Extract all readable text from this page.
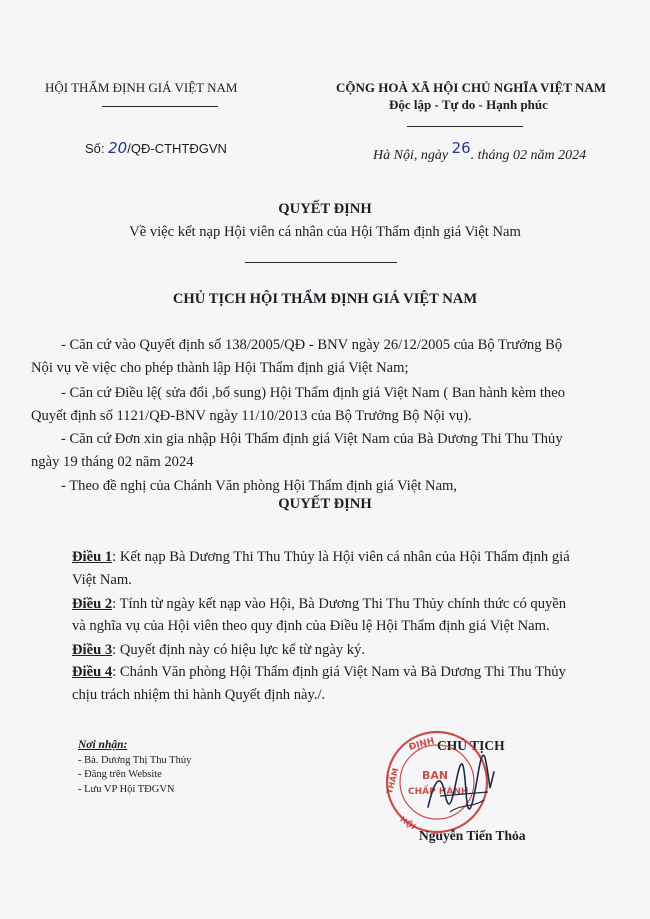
HỘI THẨM ĐỊNH GIÁ VIỆT NAM	CỘNG HOÀ XÃ HỘI CHỦ NGHĨA VIỆT NAM
Độc lập - Tự do - Hạnh phúc
Số: 20/QĐ-CTHTĐGVN	Hà Nội, ngày 26. tháng 02 năm 2024
QUYẾT ĐỊNH
Về việc kết nạp Hội viên cá nhân của Hội Thẩm định giá Việt Nam
CHỦ TỊCH HỘI THẨM ĐỊNH GIÁ VIỆT NAM
- Căn cứ vào Quyết định số 138/2005/QĐ - BNV ngày 26/12/2005 của Bộ Trưởng Bộ
Nội vụ về việc cho phép thành lập Hội Thẩm định giá Việt Nam;
- Căn cứ Điều lệ( sửa đổi ,bổ sung) Hội Thẩm định giá Việt Nam ( Ban hành kèm theo
Quyết định số 1121/QĐ-BNV ngày 11/10/2013 của Bộ Trưởng Bộ Nội vụ).
- Căn cứ Đơn xin gia nhập Hội Thẩm định giá Việt Nam của Bà Dương Thi Thu Thủy
ngày 19 tháng 02 năm 2024
- Theo đề nghị của Chánh Văn phòng Hội Thẩm định giá Việt Nam,
QUYẾT ĐỊNH
Điều 1: Kết nạp Bà Dương Thi Thu Thủy là Hội viên cá nhân của Hội Thẩm định giá
Việt Nam.
Điều 2: Tính từ ngày kết nạp vào Hội, Bà Dương Thi Thu Thủy chính thức có quyền
và nghĩa vụ của Hội viên theo quy định của Điều lệ Hội Thẩm định giá Việt Nam.
Điều 3: Quyết định này có hiệu lực kể từ ngày ký.
Điều 4: Chánh Văn phòng Hội Thẩm định giá Việt Nam và Bà Dương Thi Thu Thủy
chịu trách nhiệm thi hành Quyết định này./.
Nơi nhận:
- Bà. Dương Thị Thu Thủy
- Đăng trên Website
- Lưu VP Hội TĐGVN
CHỦ TỊCH
ĐỊNH
BAN
CHẤP HÀNH
THẨM
HỘI
Nguyễn Tiến Thỏa
